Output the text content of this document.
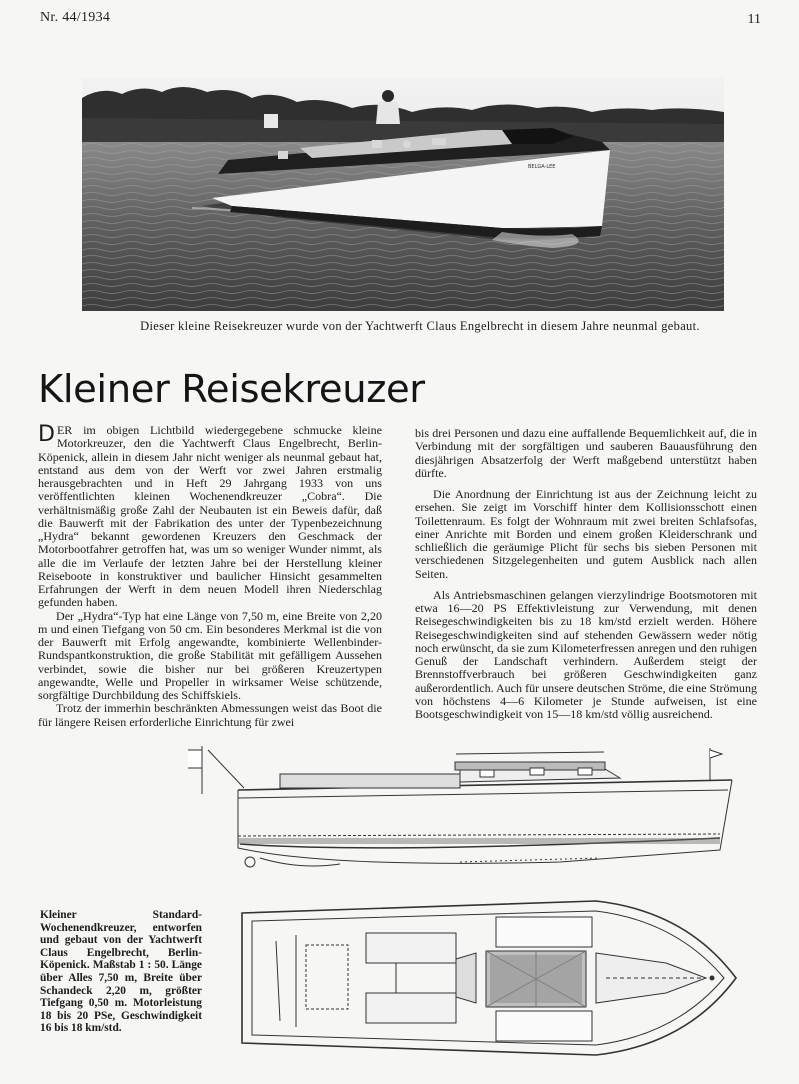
Nr. 44/1934	11
BELGA-LEE
Dieser kleine Reisekreuzer wurde von der Yachtwerft Claus Engelbrecht in diesem Jahre neunmal gebaut.
Kleiner Reisekreuzer

DER im obigen Lichtbild wiedergegebene schmucke kleine Motorkreuzer, den die Yachtwerft Claus Engelbrecht, Berlin-Köpenick, allein in diesem Jahr nicht weniger als neunmal gebaut hat, entstand aus dem von der Werft vor zwei Jahren erstmalig herausgebrachten und in Heft 29 Jahrgang 1933 von uns veröffentlichten kleinen Wochenendkreuzer „Cobra“. Die verhältnismäßig große Zahl der Neubauten ist ein Beweis dafür, daß die Bauwerft mit der Fabrikation des unter der Typenbezeichnung „Hydra“ bekannt gewordenen Kreuzers den Geschmack der Motorbootfahrer getroffen hat, was um so weniger Wunder nimmt, als alle die im Verlaufe der letzten Jahre bei der Herstellung kleiner Reiseboote in konstruktiver und baulicher Hinsicht gesammelten Erfahrungen der Werft in dem neuen Modell ihren Niederschlag gefunden haben.

Der „Hydra“-Typ hat eine Länge von 7,50 m, eine Breite von 2,20 m und einen Tiefgang von 50 cm. Ein besonderes Merkmal ist die von der Bauwerft mit Erfolg angewandte, kombinierte Wellenbinder-Rundspantkonstruktion, die große Stabilität mit gefälligem Aussehen verbindet, sowie die bisher nur bei größeren Kreuzertypen angewandte, Welle und Propeller in wirksamer Weise schützende, sorgfältige Durchbildung des Schiffskiels.

Trotz der immerhin beschränkten Abmessungen weist das Boot die für längere Reisen erforderliche Einrichtung für zwei

bis drei Personen und dazu eine auffallende Bequemlichkeit auf, die in Verbindung mit der sorgfältigen und sauberen Bauausführung den diesjährigen Absatzerfolg der Werft maßgebend unterstützt haben dürfte.

Die Anordnung der Einrichtung ist aus der Zeichnung leicht zu ersehen. Sie zeigt im Vorschiff hinter dem Kollisionsschott einen Toilettenraum. Es folgt der Wohnraum mit zwei breiten Schlafsofas, einer Anrichte mit Borden und einem großen Kleiderschrank und schließlich die geräumige Plicht für sechs bis sieben Personen mit verschiedenen Sitzgelegenheiten und gutem Ausblick nach allen Seiten.

Als Antriebsmaschinen gelangen vierzylindrige Bootsmotoren mit etwa 16—20 PS Effektivleistung zur Verwendung, mit denen Reisegeschwindigkeiten bis zu 18 km/std erzielt werden. Höhere Reisegeschwindigkeiten sind auf stehenden Gewässern weder nötig noch erwünscht, da sie zum Kilometerfressen anregen und den ruhigen Genuß der Landschaft verhindern. Außerdem steigt der Brennstoffverbrauch bei größeren Geschwindigkeiten ganz außerordentlich. Auch für unsere deutschen Ströme, die eine Strömung von höchstens 4—6 Kilometer je Stunde aufweisen, ist eine Bootsgeschwindigkeit von 15—18 km/std völlig ausreichend.

Kleiner Standard-Wochenendkreuzer, entworfen und gebaut von der Yachtwerft Claus Engelbrecht, Berlin-Köpenick. Maßstab 1 : 50. Länge über Alles 7,50 m, Breite über Schandeck 2,20 m, größter Tiefgang 0,50 m. Motorleistung 18 bis 20 PSe, Geschwindigkeit 16 bis 18 km/std.
